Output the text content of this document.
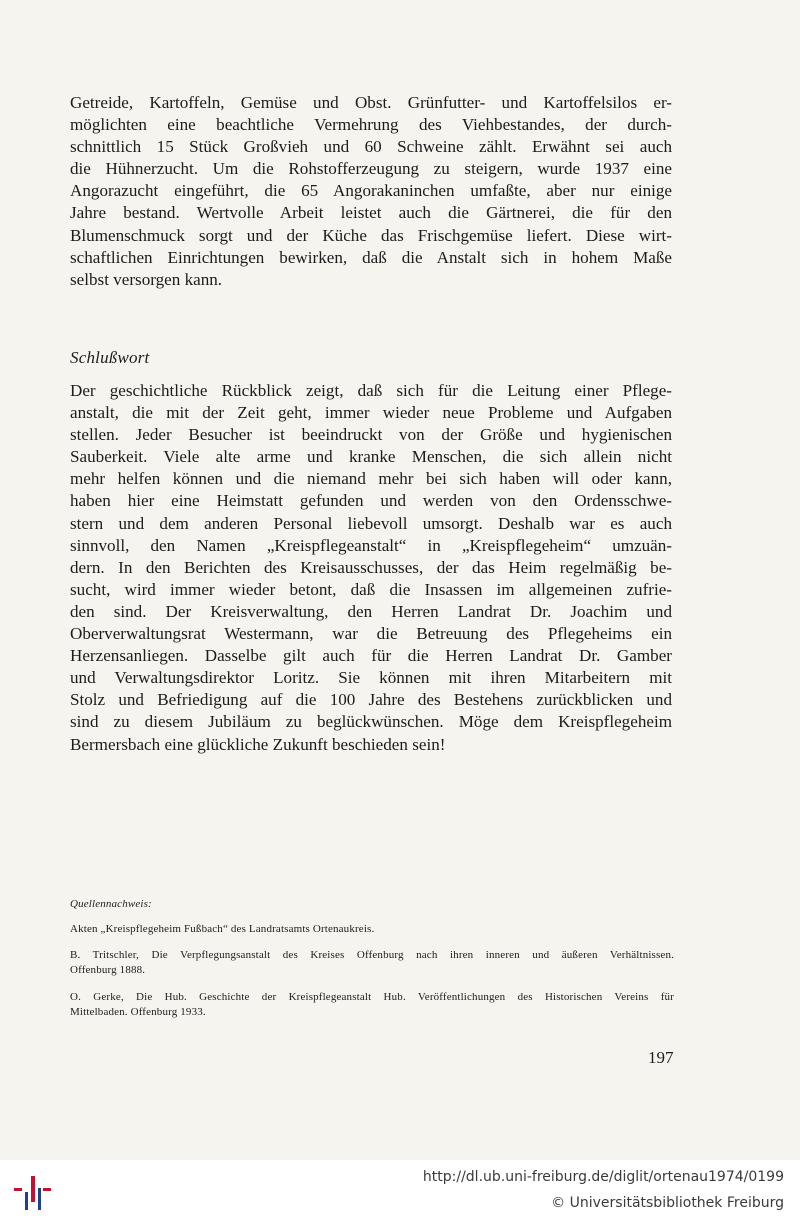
Getreide, Kartoffeln, Gemüse und Obst. Grünfutter- und Kartoffelsilos er-
möglichten eine beachtliche Vermehrung des Viehbestandes, der durch-
schnittlich 15 Stück Großvieh und 60 Schweine zählt. Erwähnt sei auch
die Hühnerzucht. Um die Rohstofferzeugung zu steigern, wurde 1937 eine
Angorazucht eingeführt, die 65 Angorakaninchen umfaßte, aber nur einige
Jahre bestand. Wertvolle Arbeit leistet auch die Gärtnerei, die für den
Blumenschmuck sorgt und der Küche das Frischgemüse liefert. Diese wirt-
schaftlichen Einrichtungen bewirken, daß die Anstalt sich in hohem Maße
selbst versorgen kann.

Schlußwort

Der geschichtliche Rückblick zeigt, daß sich für die Leitung einer Pflege-
anstalt, die mit der Zeit geht, immer wieder neue Probleme und Aufgaben
stellen. Jeder Besucher ist beeindruckt von der Größe und hygienischen
Sauberkeit. Viele alte arme und kranke Menschen, die sich allein nicht
mehr helfen können und die niemand mehr bei sich haben will oder kann,
haben hier eine Heimstatt gefunden und werden von den Ordensschwe-
stern und dem anderen Personal liebevoll umsorgt. Deshalb war es auch
sinnvoll, den Namen „Kreispflegeanstalt“ in „Kreispflegeheim“ umzuän-
dern. In den Berichten des Kreisausschusses, der das Heim regelmäßig be-
sucht, wird immer wieder betont, daß die Insassen im allgemeinen zufrie-
den sind. Der Kreisverwaltung, den Herren Landrat Dr. Joachim und
Oberverwaltungsrat Westermann, war die Betreuung des Pflegeheims ein
Herzensanliegen. Dasselbe gilt auch für die Herren Landrat Dr. Gamber
und Verwaltungsdirektor Loritz. Sie können mit ihren Mitarbeitern mit
Stolz und Befriedigung auf die 100 Jahre des Bestehens zurückblicken und
sind zu diesem Jubiläum zu beglückwünschen. Möge dem Kreispflegeheim
Bermersbach eine glückliche Zukunft beschieden sein!

Quellennachweis:
Akten „Kreispflegeheim Fußbach“ des Landratsamts Ortenaukreis.
B. Tritschler, Die Verpflegungsanstalt des Kreises Offenburg nach ihren inneren und äußeren Verhältnissen.
Offenburg 1888.
O. Gerke, Die Hub. Geschichte der Kreispflegeanstalt Hub. Veröffentlichungen des Historischen Vereins für
Mittelbaden. Offenburg 1933.
197
http://dl.ub.uni-freiburg.de/diglit/ortenau1974/0199
© Universitätsbibliothek Freiburg
